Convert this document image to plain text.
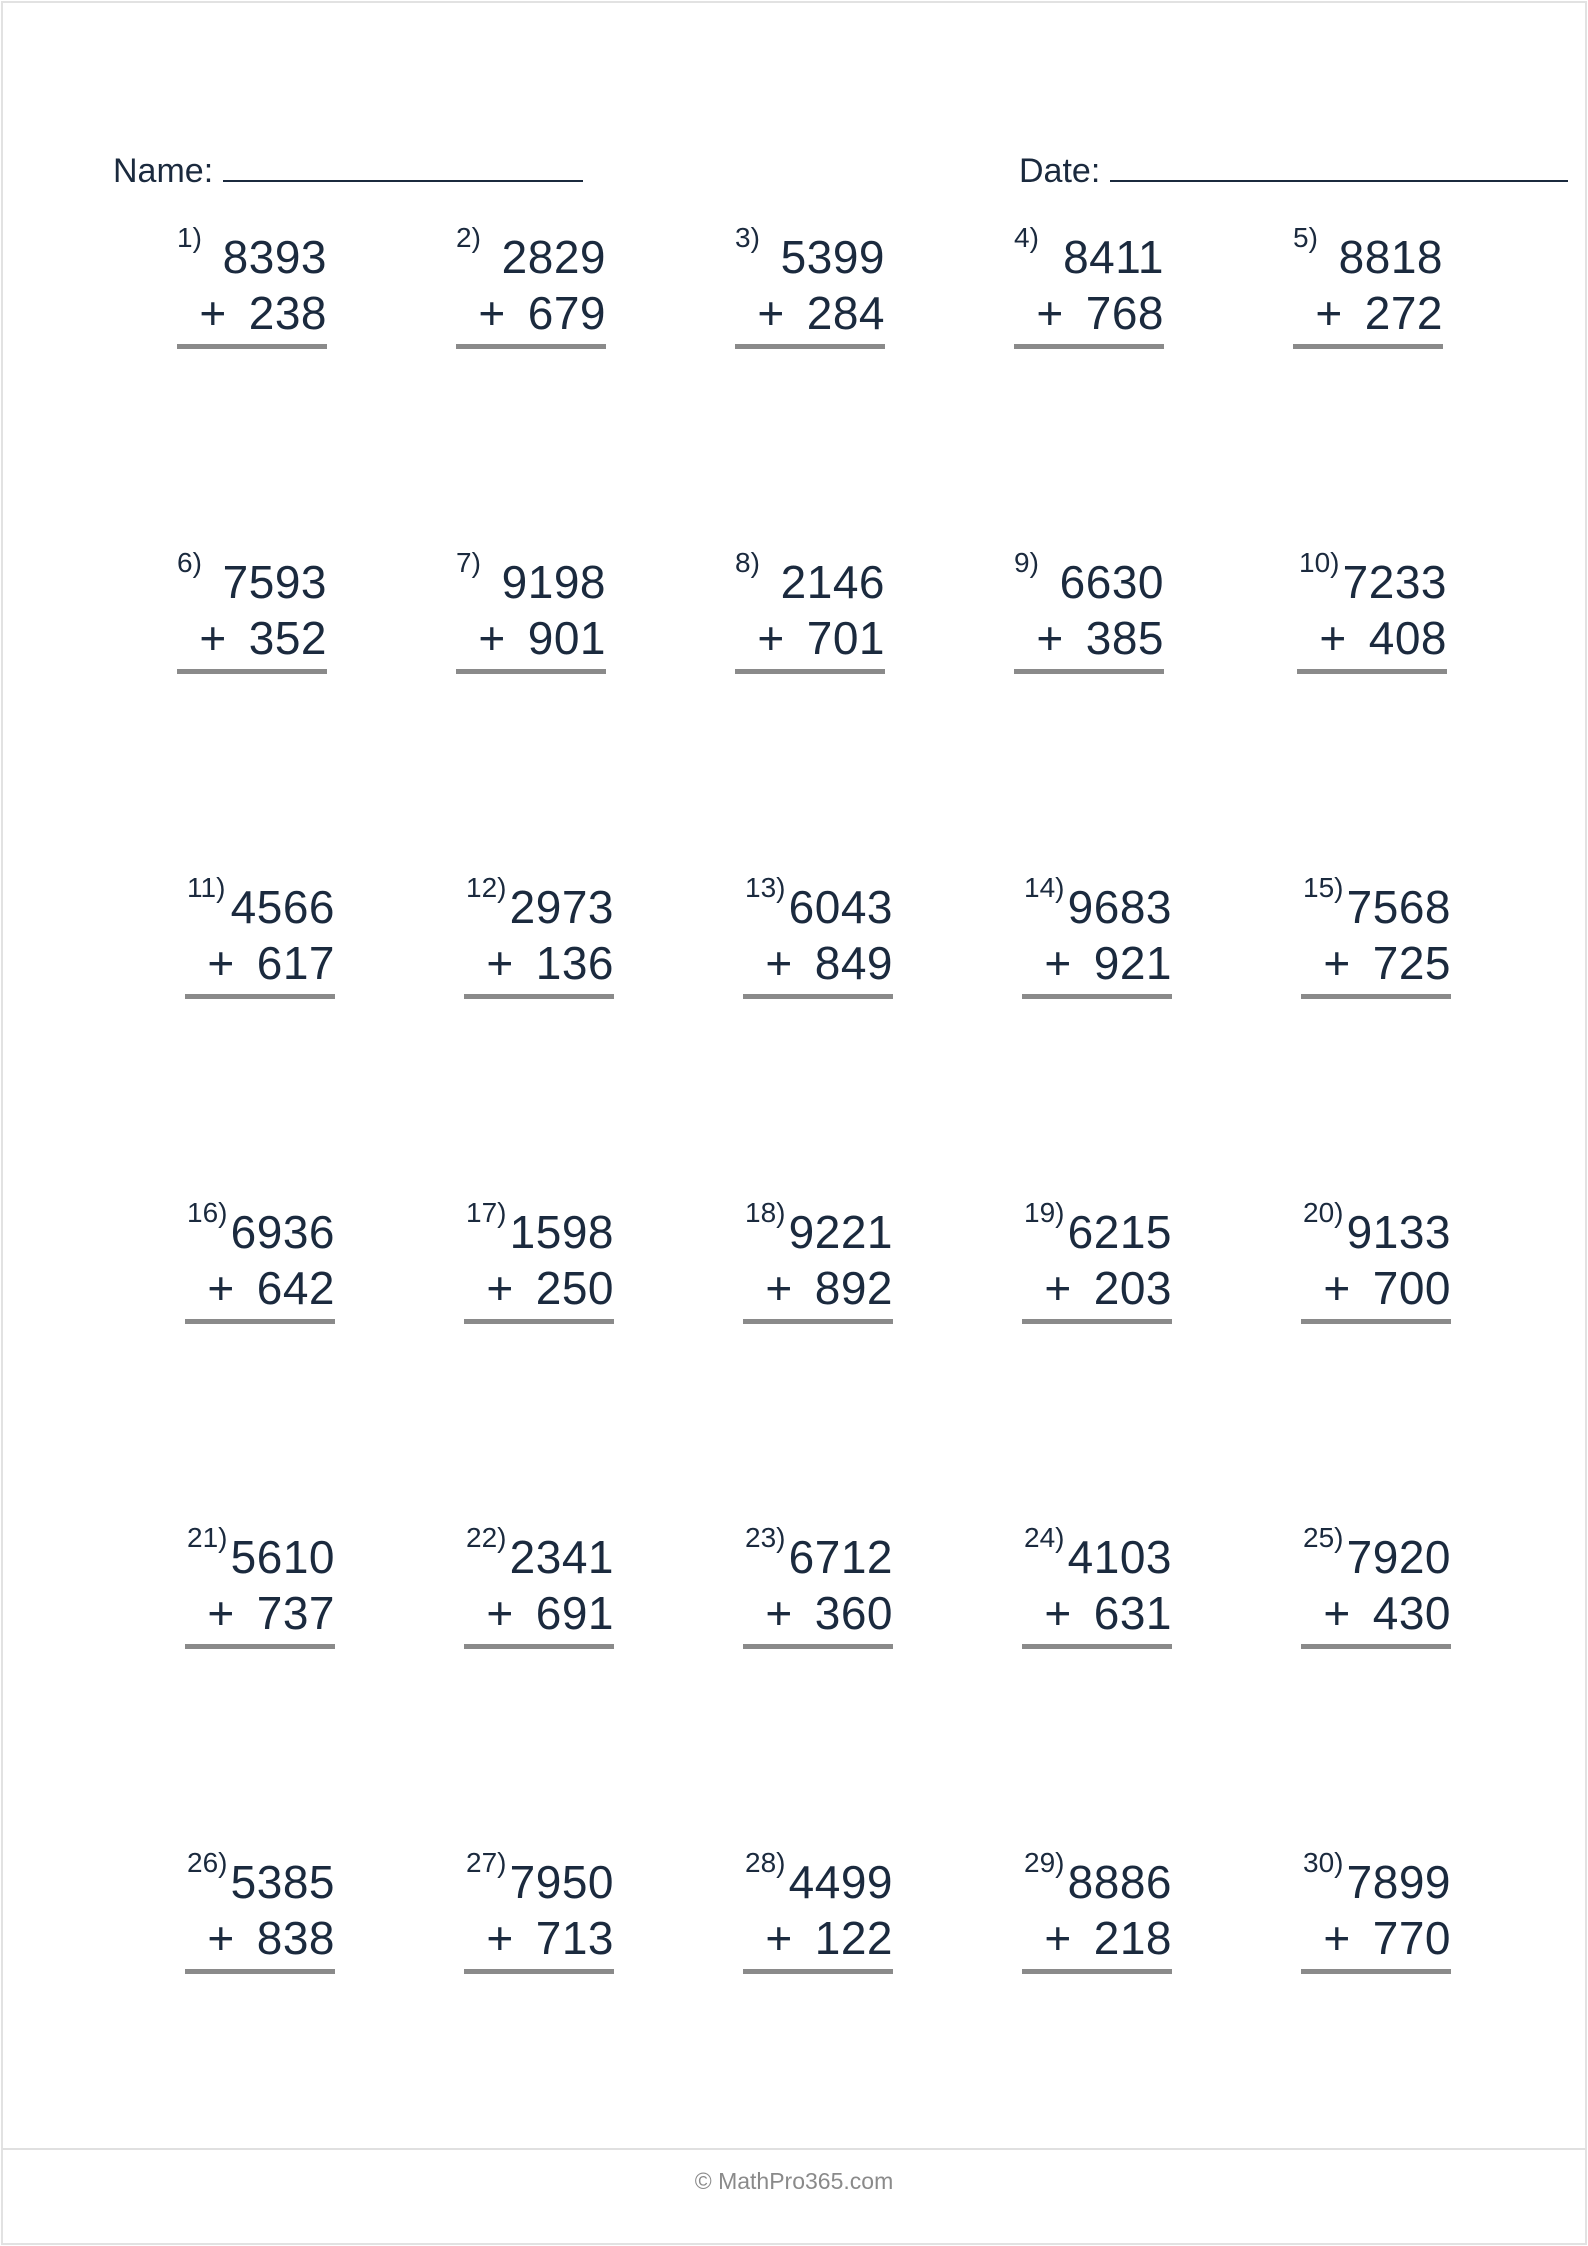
Name:	Date:
1) 8393
+ 238
2) 2829
+ 679
3) 5399
+ 284
4) 8411
+ 768
5) 8818
+ 272
6) 7593
+ 352
7) 9198
+ 901
8) 2146
+ 701
9) 6630
+ 385
10) 7233
+ 408
11) 4566
+ 617
12) 2973
+ 136
13) 6043
+ 849
14) 9683
+ 921
15) 7568
+ 725
16) 6936
+ 642
17) 1598
+ 250
18) 9221
+ 892
19) 6215
+ 203
20) 9133
+ 700
21) 5610
+ 737
22) 2341
+ 691
23) 6712
+ 360
24) 4103
+ 631
25) 7920
+ 430
26) 5385
+ 838
27) 7950
+ 713
28) 4499
+ 122
29) 8886
+ 218
30) 7899
+ 770
© MathPro365.com
